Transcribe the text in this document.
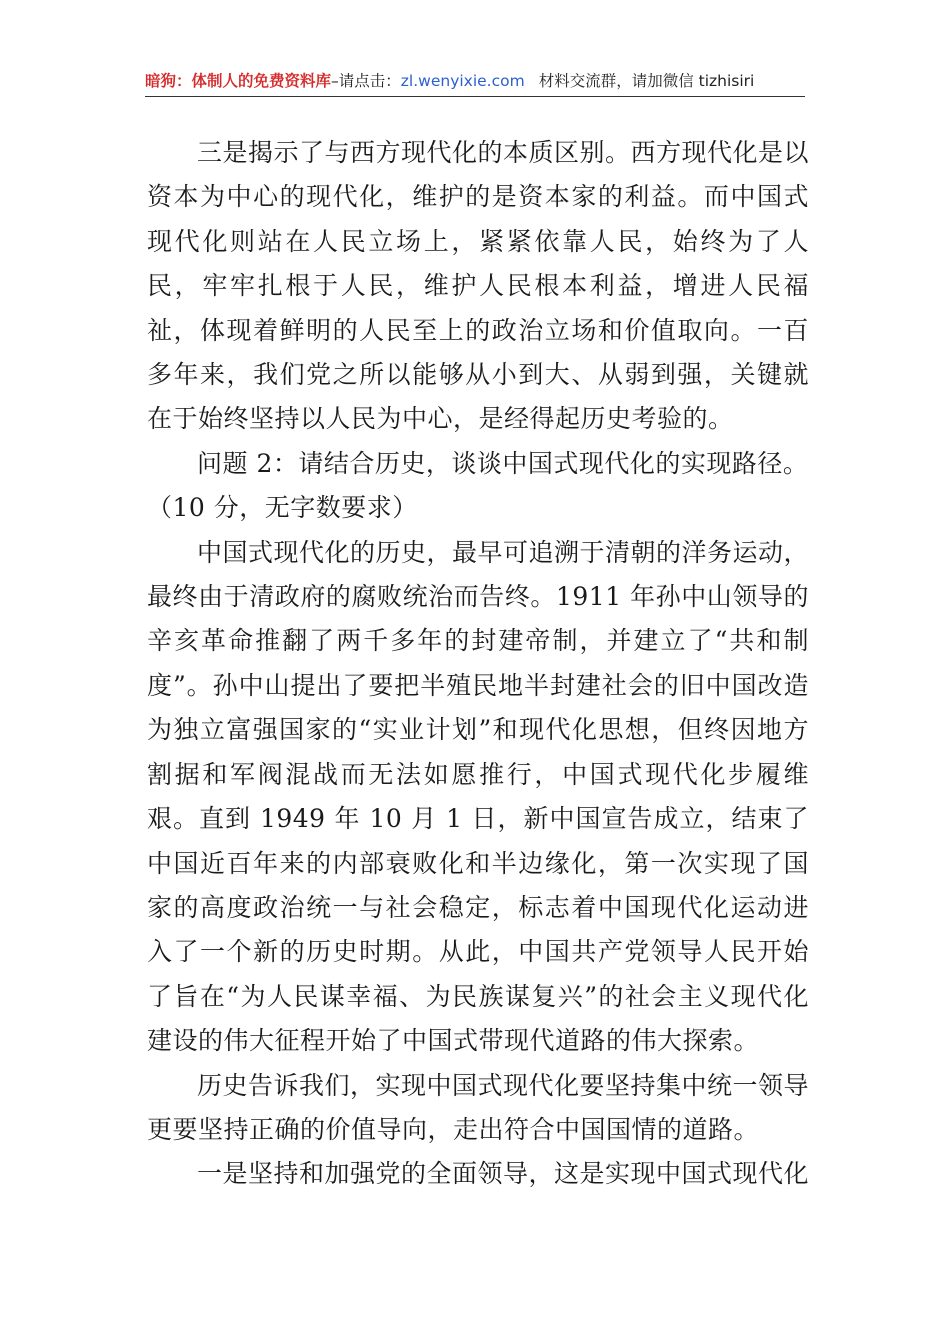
暗狗：体制人的免费资料库–请点击：zl.wenyixie.com 材料交流群，请加微信 tizhisiri

三是揭示了与西方现代化的本质区别。西方现代化是以资本为中心的现代化，维护的是资本家的利益。而中国式现代化则站在人民立场上，紧紧依靠人民，始终为了人民，牢牢扎根于人民，维护人民根本利益，增进人民福祉，体现着鲜明的人民至上的政治立场和价值取向。一百多年来，我们党之所以能够从小到大、从弱到强，关键就在于始终坚持以人民为中心，是经得起历史考验的。

问题 2：请结合历史，谈谈中国式现代化的实现路径。

（10 分，无字数要求）

中国式现代化的历史，最早可追溯于清朝的洋务运动，最终由于清政府的腐败统治而告终。1911 年孙中山领导的辛亥革命推翻了两千多年的封建帝制，并建立了“共和制度”。孙中山提出了要把半殖民地半封建社会的旧中国改造为独立富强国家的“实业计划”和现代化思想，但终因地方割据和军阀混战而无法如愿推行，中国式现代化步履维艰。直到 1949 年 10 月 1 日，新中国宣告成立，结束了中国近百年来的内部衰败化和半边缘化，第一次实现了国家的高度政治统一与社会稳定，标志着中国现代化运动进入了一个新的历史时期。从此，中国共产党领导人民开始了旨在“为人民谋幸福、为民族谋复兴”的社会主义现代化建设的伟大征程开始了中国式带现代道路的伟大探索。

历史告诉我们，实现中国式现代化要坚持集中统一领导更要坚持正确的价值导向，走出符合中国国情的道路。

一是坚持和加强党的全面领导，这是实现中国式现代化
